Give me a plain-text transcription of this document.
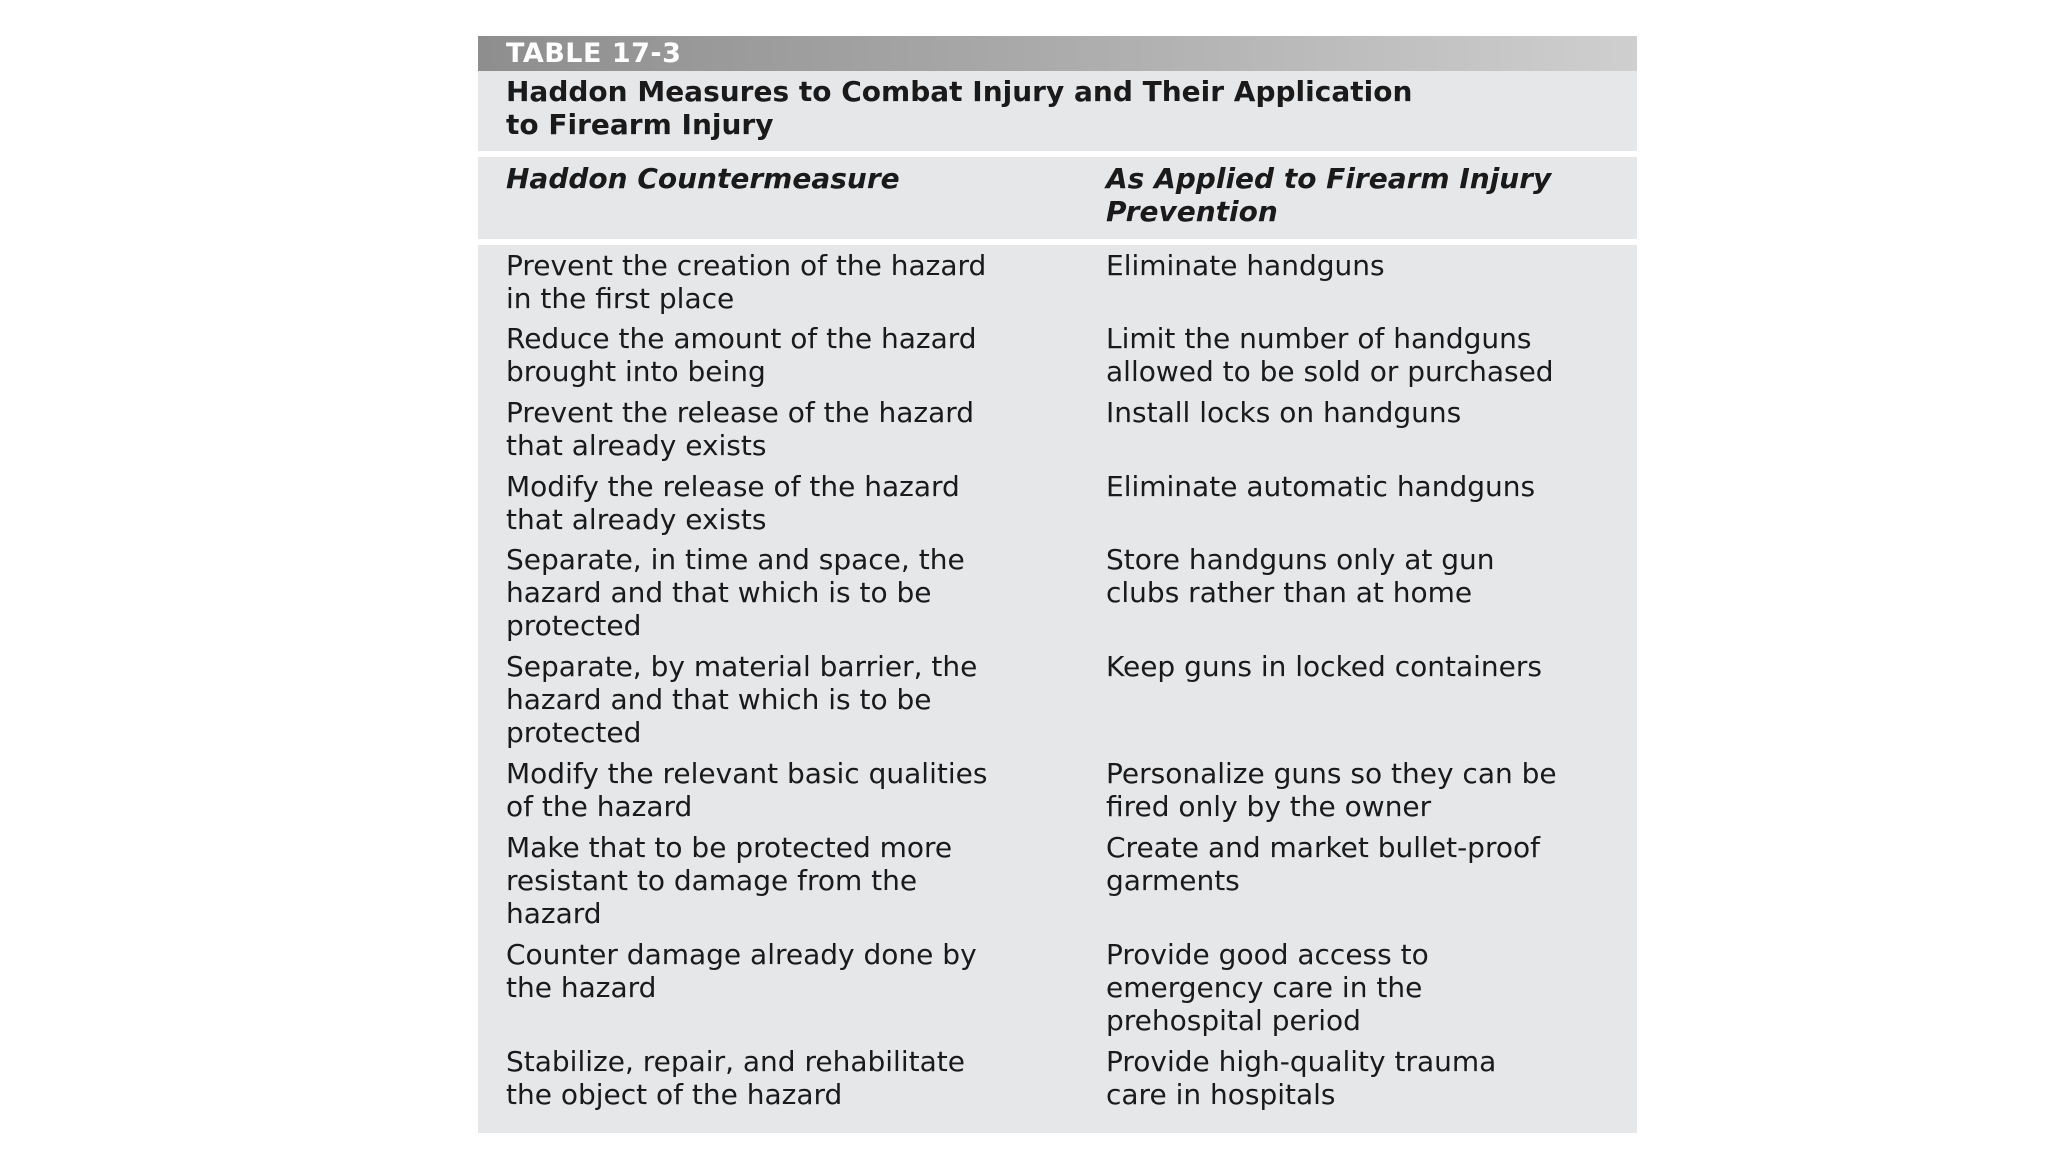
TABLE 17-3
Haddon Measures to Combat Injury and Their Application
to Firearm Injury
Haddon Countermeasure	As Applied to Firearm Injury
Prevention
Prevent the creation of the hazard
in the first place
Eliminate handguns
Reduce the amount of the hazard
brought into being
Limit the number of handguns
allowed to be sold or purchased
Prevent the release of the hazard
that already exists
Install locks on handguns
Modify the release of the hazard
that already exists
Eliminate automatic handguns
Separate, in time and space, the
hazard and that which is to be
protected
Store handguns only at gun
clubs rather than at home
Separate, by material barrier, the
hazard and that which is to be
protected
Keep guns in locked containers
Modify the relevant basic qualities
of the hazard
Personalize guns so they can be
fired only by the owner
Make that to be protected more
resistant to damage from the
hazard
Create and market bullet-proof
garments
Counter damage already done by
the hazard
Provide good access to
emergency care in the
prehospital period
Stabilize, repair, and rehabilitate
the object of the hazard
Provide high-quality trauma
care in hospitals
